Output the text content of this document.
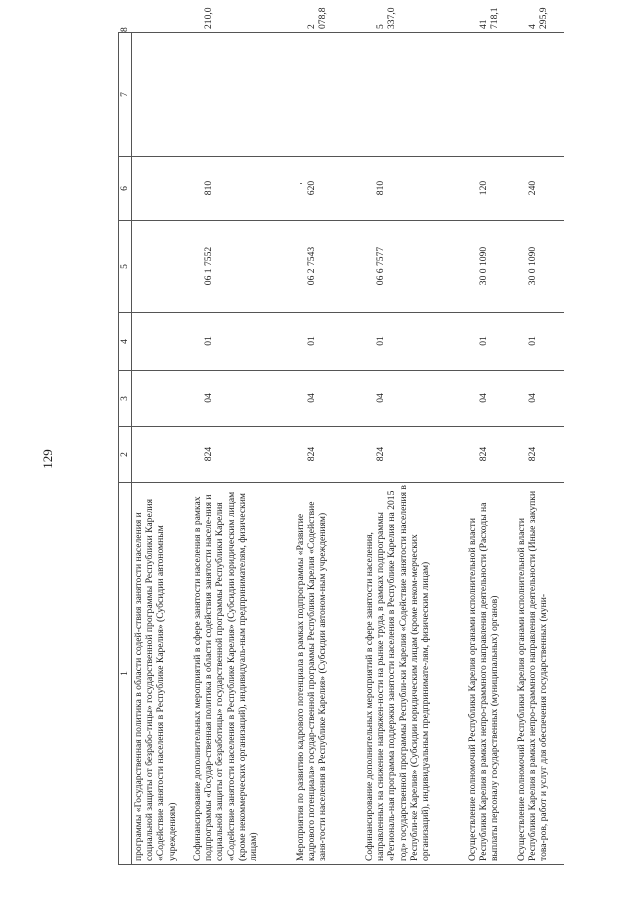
129
1	2	3	4	5	6	7	8
программы «Государственная политика в области содей-ствия занятости населения и социальной защиты от безрабо-тицы» государственной программы Республики Карелия «Содействие занятости населения в Республике Карелия» (Субсидии автономным учреждениям)							
Софинансирование дополнительных мероприятий в сфере занятости населения в рамках подпрограммы «Государ-ственная политика в области содействия занятости населе-ния и социальной защиты от безработицы» государственной программы Республики Карелия «Содействие занятости населения в Республике Карелия» (Субсидии юридическим лицам (кроме некоммерческих организаций), индивидуаль-ным предпринимателям, физическим лицам)	824	04	01	06 1 7552	810		210,0
Мероприятия по развитию кадрового потенциала в рамках подпрограммы «Развитие кадрового потенциала» государ-ственной программы Республики Карелия «Содействие заня-тости населения в Республике Карелия» (Субсидии автоном-ным учреждениям)	824	04	01	06 2 7543	620		2 078,8
Софинансирование дополнительных мероприятий в сфере занятости населения, направленных на снижение напряжен-ности на рынке труда, в рамках подпрограммы «Региональ-ная программа поддержки занятости населения в Республике Карелия на 2015 год» государственной программы Республи-ки Карелия «Содействие занятости населения в Республи-ке Карелия» (Субсидии юридическим лицам (кроме неком-мерческих организаций), индивидуальным предпринимате-лям, физическим лицам)	824	04	01	06 6 7577	810		5 337,0
Осуществление полномочий Республики Карелия органами исполнительной власти Республики Карелия в рамках непро-граммного направления деятельности (Расходы на выплаты персоналу государственных (муниципальных) органов)	824	04	01	30 0 1090	120		41 718,1
Осуществление полномочий Республики Карелия органами исполнительной власти Республики Карелия в рамках непро-граммного направления деятельности (Иные закупки това-ров, работ и услуг для обеспечения государственных (муни-	824	04	01	30 0 1090	240		4 295,9
